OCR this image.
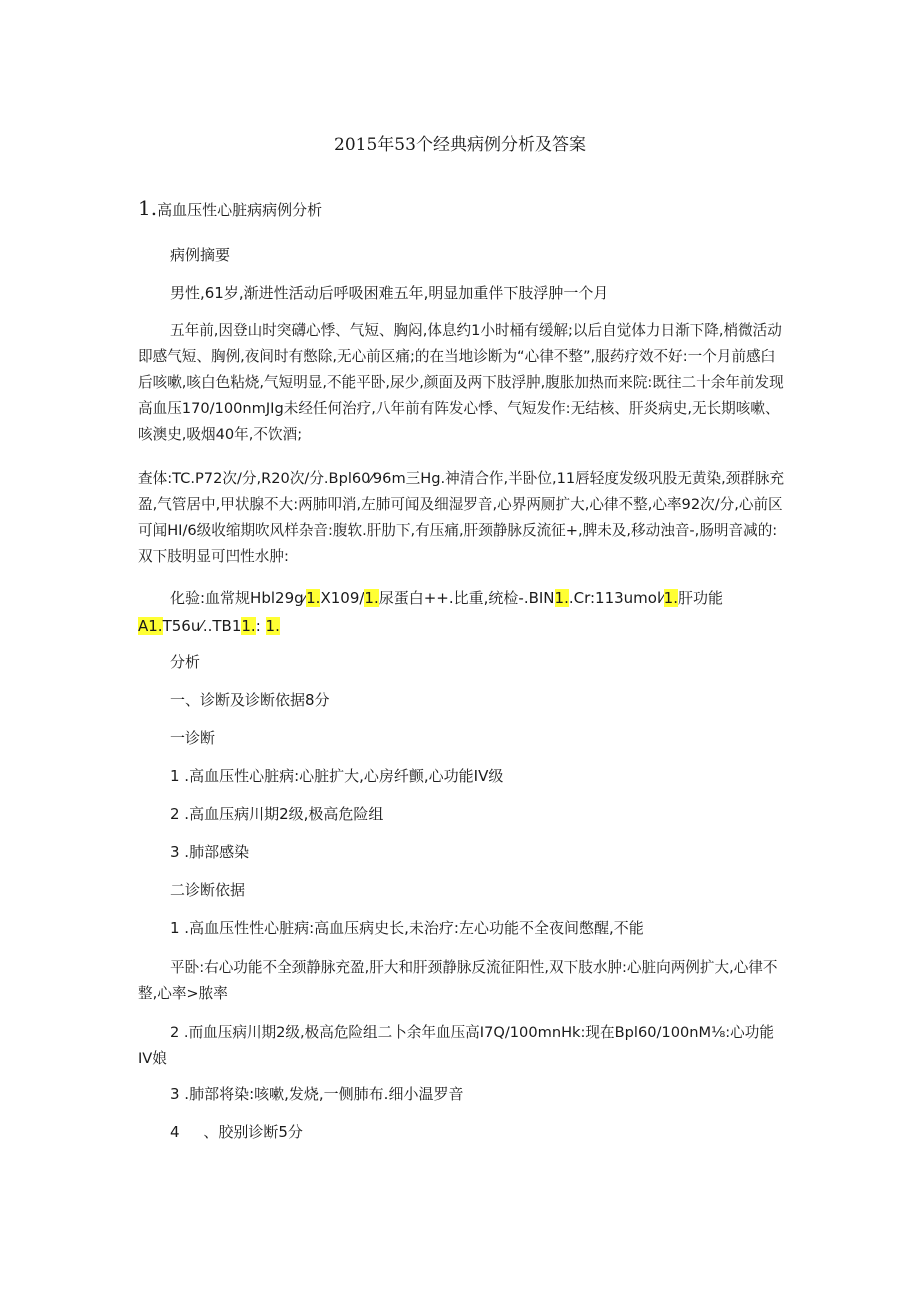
2015年53个经典病例分析及答案
1.高血压性心脏病病例分析
病例摘要
男性,61岁,渐进性活动后呼吸困难五年,明显加重伴下肢浮肿一个月

五年前,因登山时突礴心悸、气短、胸闷,体息约1小时桶有缓解;以后自觉体力日渐下降,梢微活动即感气短、胸例,夜间时有憋除,无心前区痛;的在当地诊断为“心律不整”,服药疗效不好:一个月前感臼后咳嗽,咳白色粘烧,气短明显,不能平卧,尿少,颜面及两下肢浮肿,腹胀加热而来院:既往二十余年前发现高血压170/100nmJIg未经任何治疗,八年前有阵发心悸、气短发作:无结核、肝炎病史,无长期咳嗽、咳澳史,吸烟40年,不饮酒;

查体:TC.P72次/分,R20次/分.Bpl60⁄96m三Hg.神清合作,半卧位,11唇轻度发级巩股无黄染,颈群脉充盈,气管居中,甲状腺不大:两肺叩消,左肺可闻及细湿罗音,心界两厕扩大,心律不整,心率92次/分,心前区可闻HI/6级收缩期吹风样杂音:腹软.肝肋下,有压痛,肝颈静脉反流征+,脾未及,移动浊音-,肠明音减的:双下肢明显可凹性水肿:

化验:血常规Hbl29g⁄1.X109/1.尿蛋白++.比重,统检-.BIN1..Cr:113umol⁄1.肝功能
A1.T56u⁄..TB11.: 1.
分析
一、诊断及诊断依据8分
一诊断
1 .高血压性心脏病:心脏扩大,心房纤颤,心功能IV级
2 .高血压病川期2级,极高危险组
3 .肺部感染
二诊断依据
1 .高血压性性心脏病:高血压病史长,未治疗:左心功能不全夜间憋醒,不能

平卧:右心功能不全颈静脉充盈,肝大和肝颈静脉反流征阳性,双下肢水肿:心脏向两例扩大,心律不整,心率>脓率

2 .而血压病川期2级,极高危险组二卜余年血压高I7Q/100mnHk:现在Bpl60/100nM⅛:心功能IV娘

3 .肺部将染:咳嗽,发烧,一侧肺布.细小温罗音
4     、胶别诊断5分
